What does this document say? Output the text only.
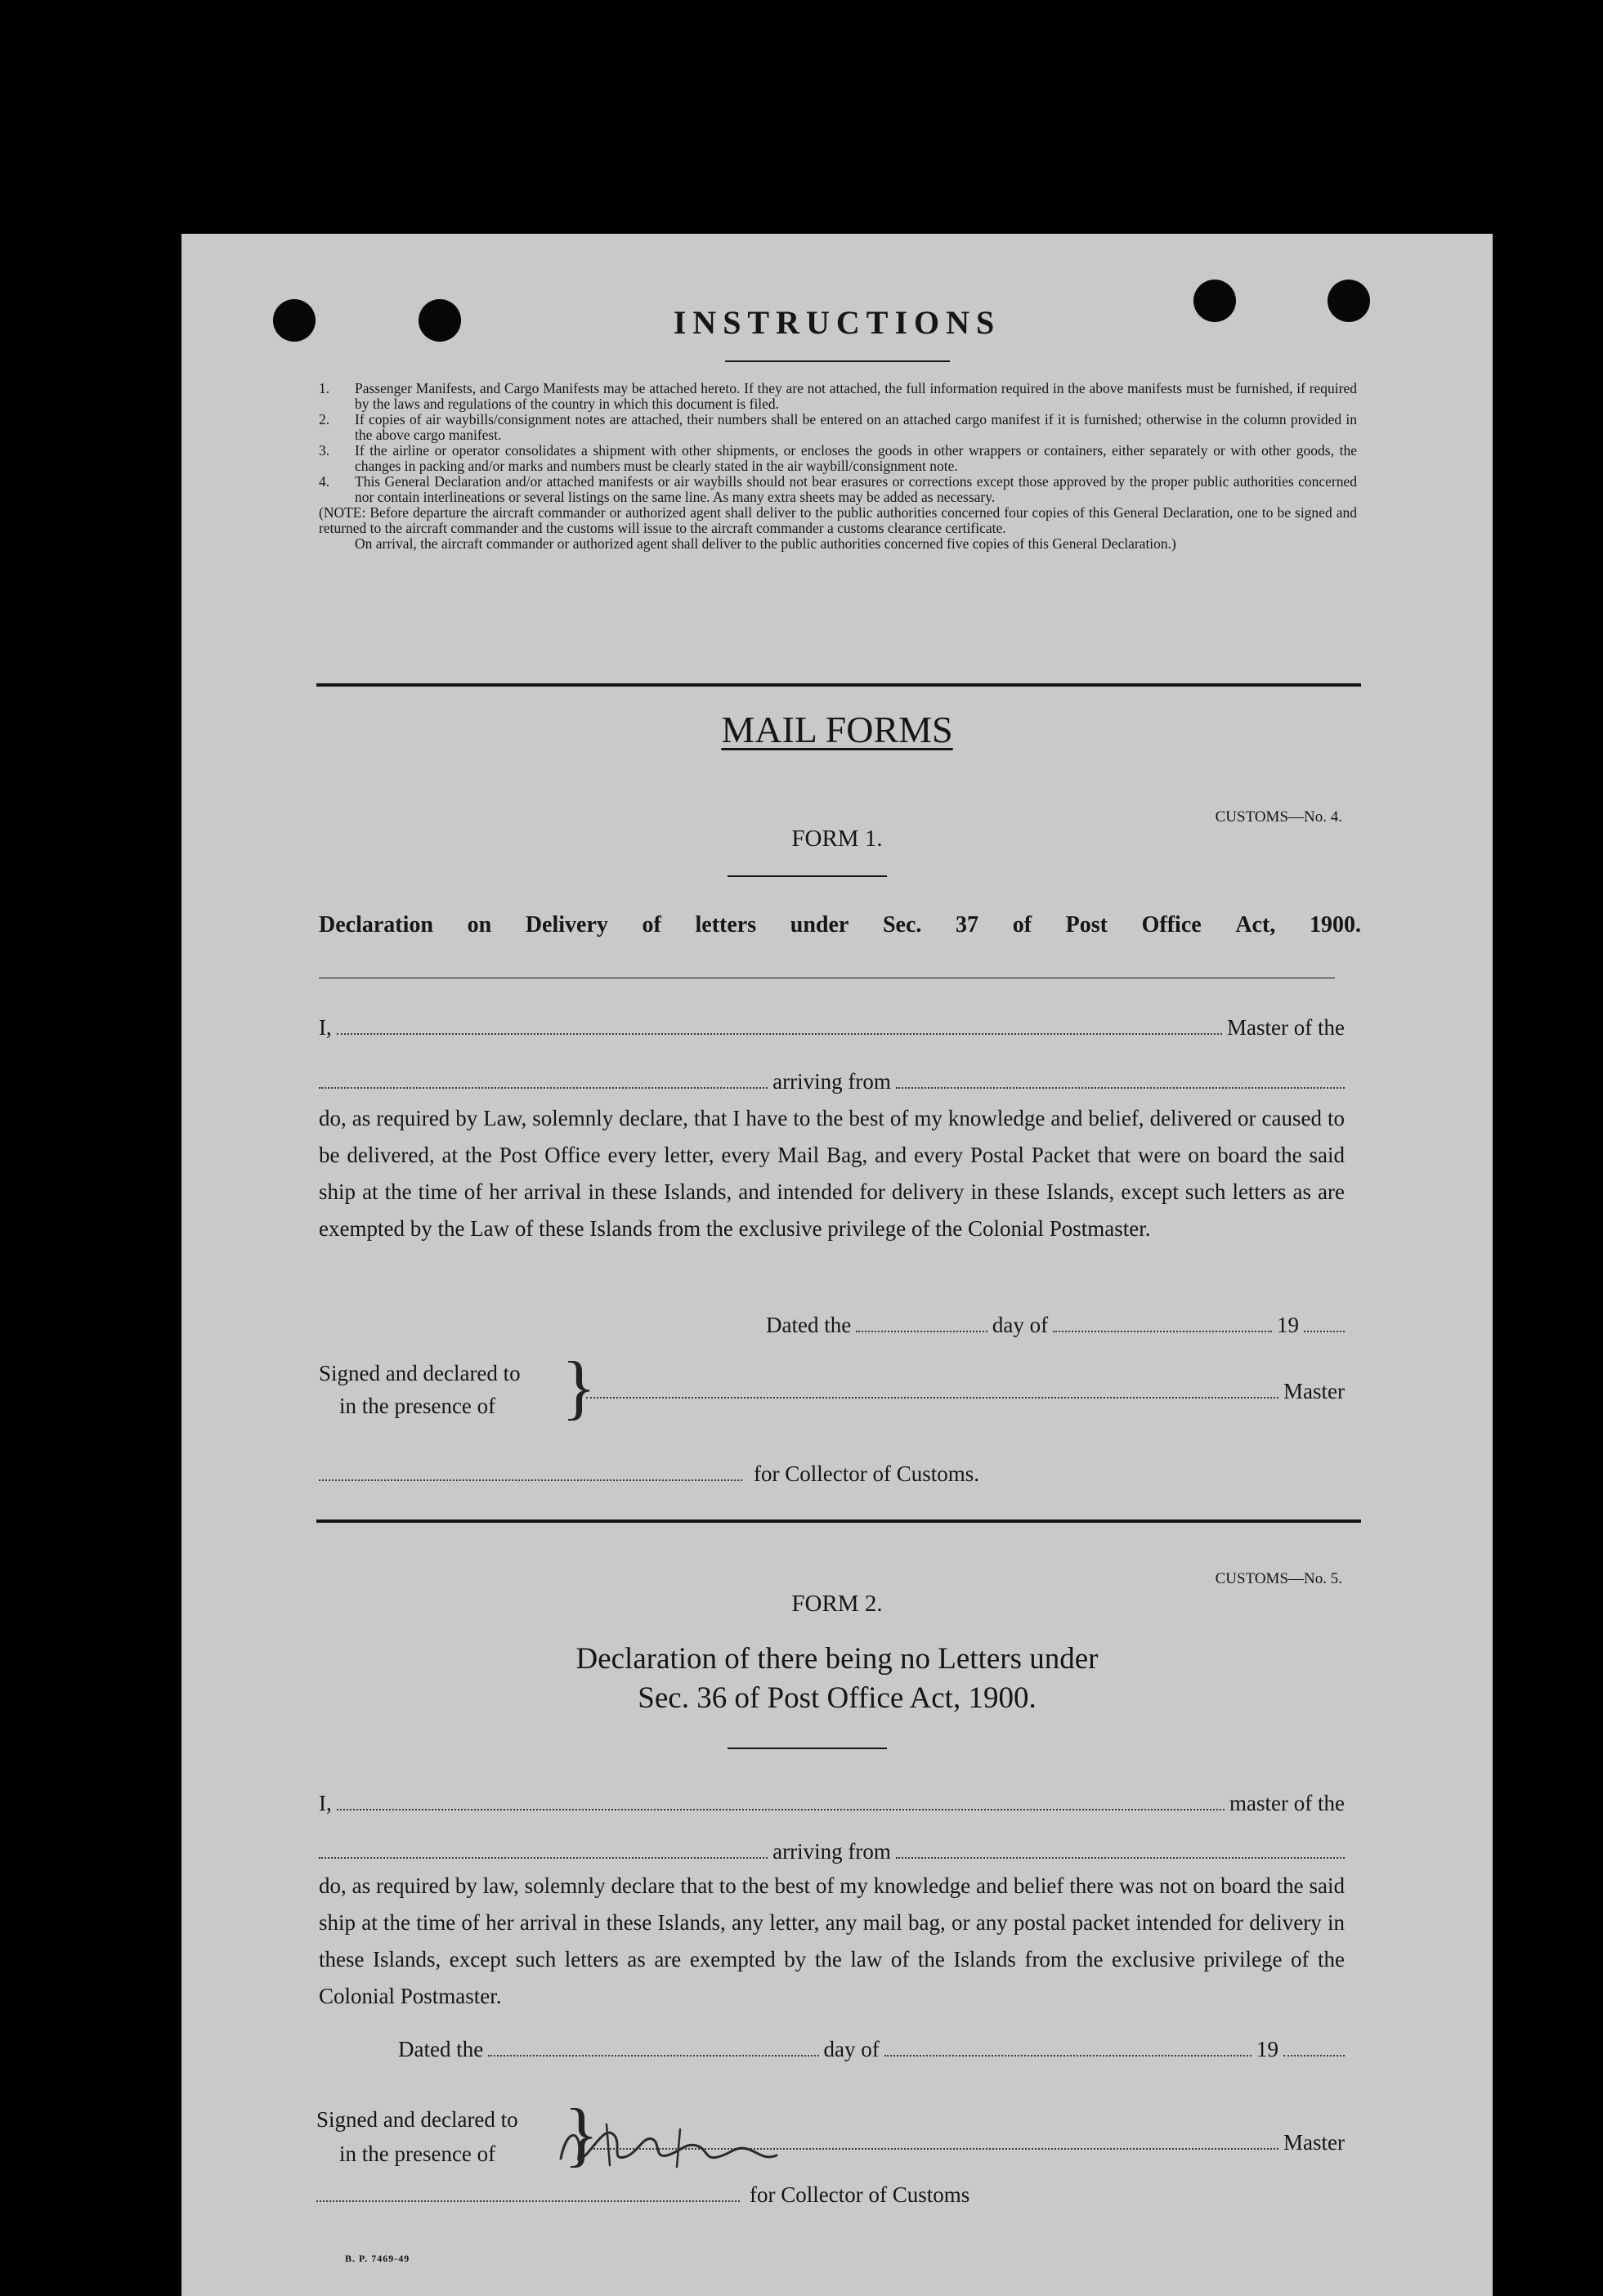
INSTRUCTIONS

1. Passenger Manifests, and Cargo Manifests may be attached hereto. If they are not attached, the full information required in the above manifests must be furnished, if required by the laws and regulations of the country in which this document is filed.

2. If copies of air waybills/consignment notes are attached, their numbers shall be entered on an attached cargo manifest if it is furnished; otherwise in the column provided in the above cargo manifest.

3. If the airline or operator consolidates a shipment with other shipments, or encloses the goods in other wrappers or containers, either separately or with other goods, the changes in packing and/or marks and numbers must be clearly stated in the air waybill/consignment note.

4. This General Declaration and/or attached manifests or air waybills should not bear erasures or corrections except those approved by the proper public authorities concerned nor contain interlineations or several listings on the same line. As many extra sheets may be added as necessary.

(NOTE: Before departure the aircraft commander or authorized agent shall deliver to the public authorities concerned four copies of this General Declaration, one to be signed and returned to the aircraft commander and the customs will issue to the aircraft commander a customs clearance certificate.
On arrival, the aircraft commander or authorized agent shall deliver to the public authorities concerned five copies of this General Declaration.)

MAIL FORMS
CUSTOMS—No. 4.
FORM 1.
Declaration on Delivery of letters under Sec. 37 of Post Office Act, 1900.
I,	Master of the
arriving from
do, as required by Law, solemnly declare, that I have to the best of my knowledge and belief, delivered or caused to be delivered, at the Post Office every letter, every Mail Bag, and every Postal Packet that were on board the said ship at the time of her arrival in these Islands, and intended for delivery in these Islands, except such letters as are exempted by the Law of these Islands from the exclusive privilege of the Colonial Postmaster.
Dated the	day of	19
Signed and declared to
in the presence of }	Master
for Collector of Customs.
CUSTOMS—No. 5.
FORM 2.
Declaration of there being no Letters under
Sec. 36 of Post Office Act, 1900.
I,	master of the
arriving from
do, as required by law, solemnly declare that to the best of my knowledge and belief there was not on board the said ship at the time of her arrival in these Islands, any letter, any mail bag, or any postal packet intended for delivery in these Islands, except such letters as are exempted by the law of the Islands from the exclusive privilege of the Colonial Postmaster.
Dated the	day of	19
Signed and declared to
in the presence of }	Master
for Collector of Customs
B. P. 7469-49
